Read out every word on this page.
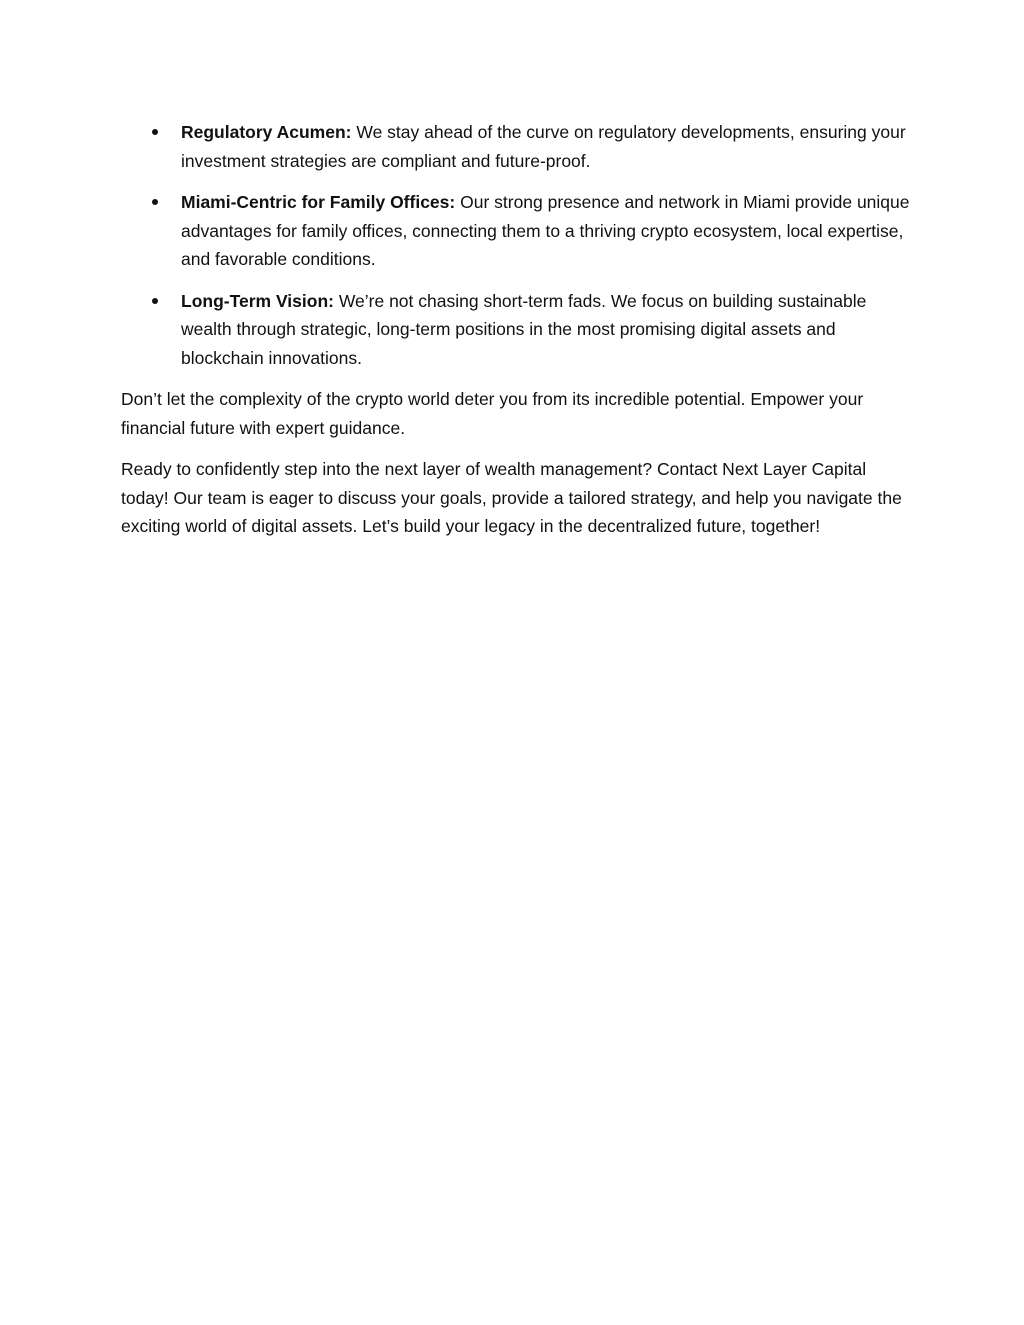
Regulatory Acumen: We stay ahead of the curve on regulatory developments, ensuring your investment strategies are compliant and future-proof.
Miami-Centric for Family Offices: Our strong presence and network in Miami provide unique advantages for family offices, connecting them to a thriving crypto ecosystem, local expertise, and favorable conditions.
Long-Term Vision: We’re not chasing short-term fads. We focus on building sustainable wealth through strategic, long-term positions in the most promising digital assets and blockchain innovations.

Don’t let the complexity of the crypto world deter you from its incredible potential. Empower your financial future with expert guidance.

Ready to confidently step into the next layer of wealth management? Contact Next Layer Capital today! Our team is eager to discuss your goals, provide a tailored strategy, and help you navigate the exciting world of digital assets. Let’s build your legacy in the decentralized future, together!
